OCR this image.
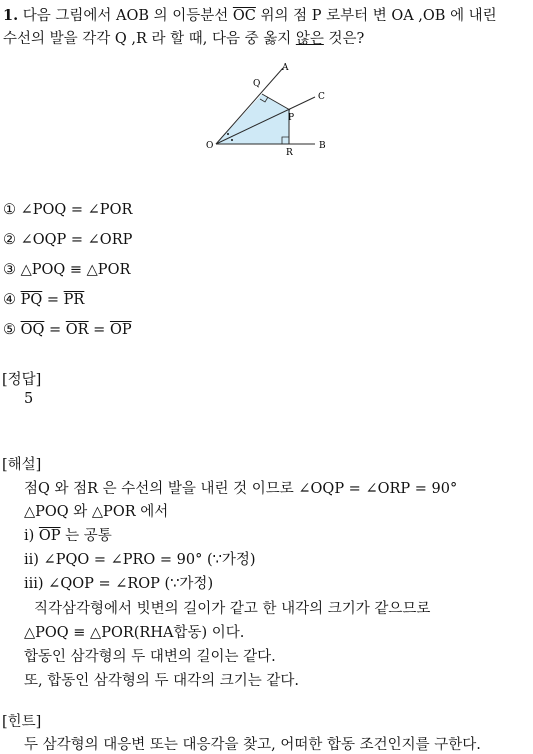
1. 다음 그림에서 AOB 의 이등분선 $\overline{OC}$ 위의 점 P 로부터 변 OA ,OB 에 내린
수선의 발을 각각 Q ,R 라 할 때, 다음 중 옳지 않은 것은?
A
C
Q
P
O
R
B
① ∠POQ = ∠POR
② ∠OQP = ∠ORP
③ △POQ ≡ △POR
④ $\overline{PQ} = \overline{PR}$
⑤ $\overline{OQ} = \overline{OR} = \overline{OP}$
[정답]
5
[해설]
점Q 와 점R 은 수선의 발을 내린 것 이므로 ∠OQP = ∠ORP = 90°
△POQ 와 △POR 에서
ⅰ) $\overline{OP}$ 는 공통
ⅱ) ∠PQO = ∠PRO = 90° (∵가정)
ⅲ) ∠QOP = ∠ROP (∵가정)
직각삼각형에서 빗변의 길이가 같고 한 내각의 크기가 같으므로
△POQ ≡ △POR(RHA합동) 이다.
합동인 삼각형의 두 대변의 길이는 같다.
또, 합동인 삼각형의 두 대각의 크기는 같다.
[힌트]
두 삼각형의 대응변 또는 대응각을 찾고, 어떠한 합동 조건인지를 구한다.
